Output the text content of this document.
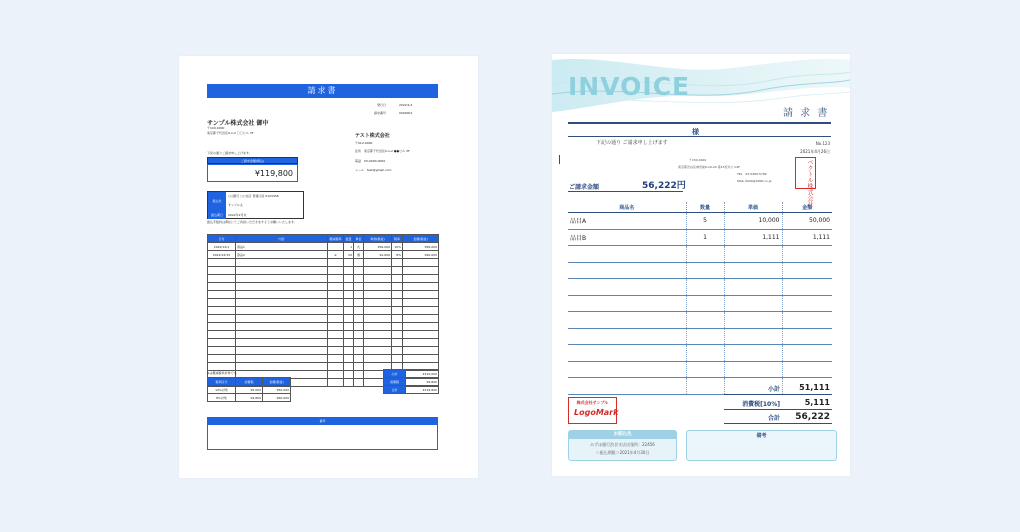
請求書
発行日	2022/1/1
請求番号	0000001
サンプル株式会社 御中
〒100-0000
東京都千代田区0-1-2 〇〇ビル 3F	テスト株式会社
〒012-0000
住所　東京都千代田区0-1-2 ●●ビル 3F
電話　03-0000-0000
メール　test@gmail.com
下記の通りご請求申し上げます。
ご請求金額(税込)
¥119,800
振込先
○○銀行 ○○支店 普通口座 0123456
サンプル太
振込期日	2022年2月末
振込手数料は貴社にてご負担いただきますようお願いいたします。
日付	内容	軽減税率	数量	単位	単価(税抜)	税率	金額(税抜)
2022/12/1	商品1		1	式	¥56,000	10%	¥56,000
2022/12/15	商品2	※	20	個	¥2,000	8%	¥40,000

※は軽減税率対象です。
税率区分	消費税	金額(税抜)
10%対象	¥5,000	¥50,000
8%対象	¥4,800	¥60,000
小計	¥110,000
消費税	¥9,800
合計	¥119,800
備考
INVOICE
請 求 書
様
下記の通り ご請求申し上げます	No.123
2021年4月26日
〒150-0001
東京都渋谷区神宮前6-19-20 第15荒井ビル4F
TEL　03-5469-5780
MAIL 0000@0000.co.jp	ベクトル株式会社
ご請求金額	56,222円
商品名	数量	単価	金額
品目A	5	10,000	50,000
品目B	1	1,111	1,111

小計 51,111
消費税[10%]	5,111
合計 56,222
株式会社サンプル
LogoMark
お振込先
みずほ銀行渋谷支店出張所：22456
＜振込期限＞2021年4月30日
備考
